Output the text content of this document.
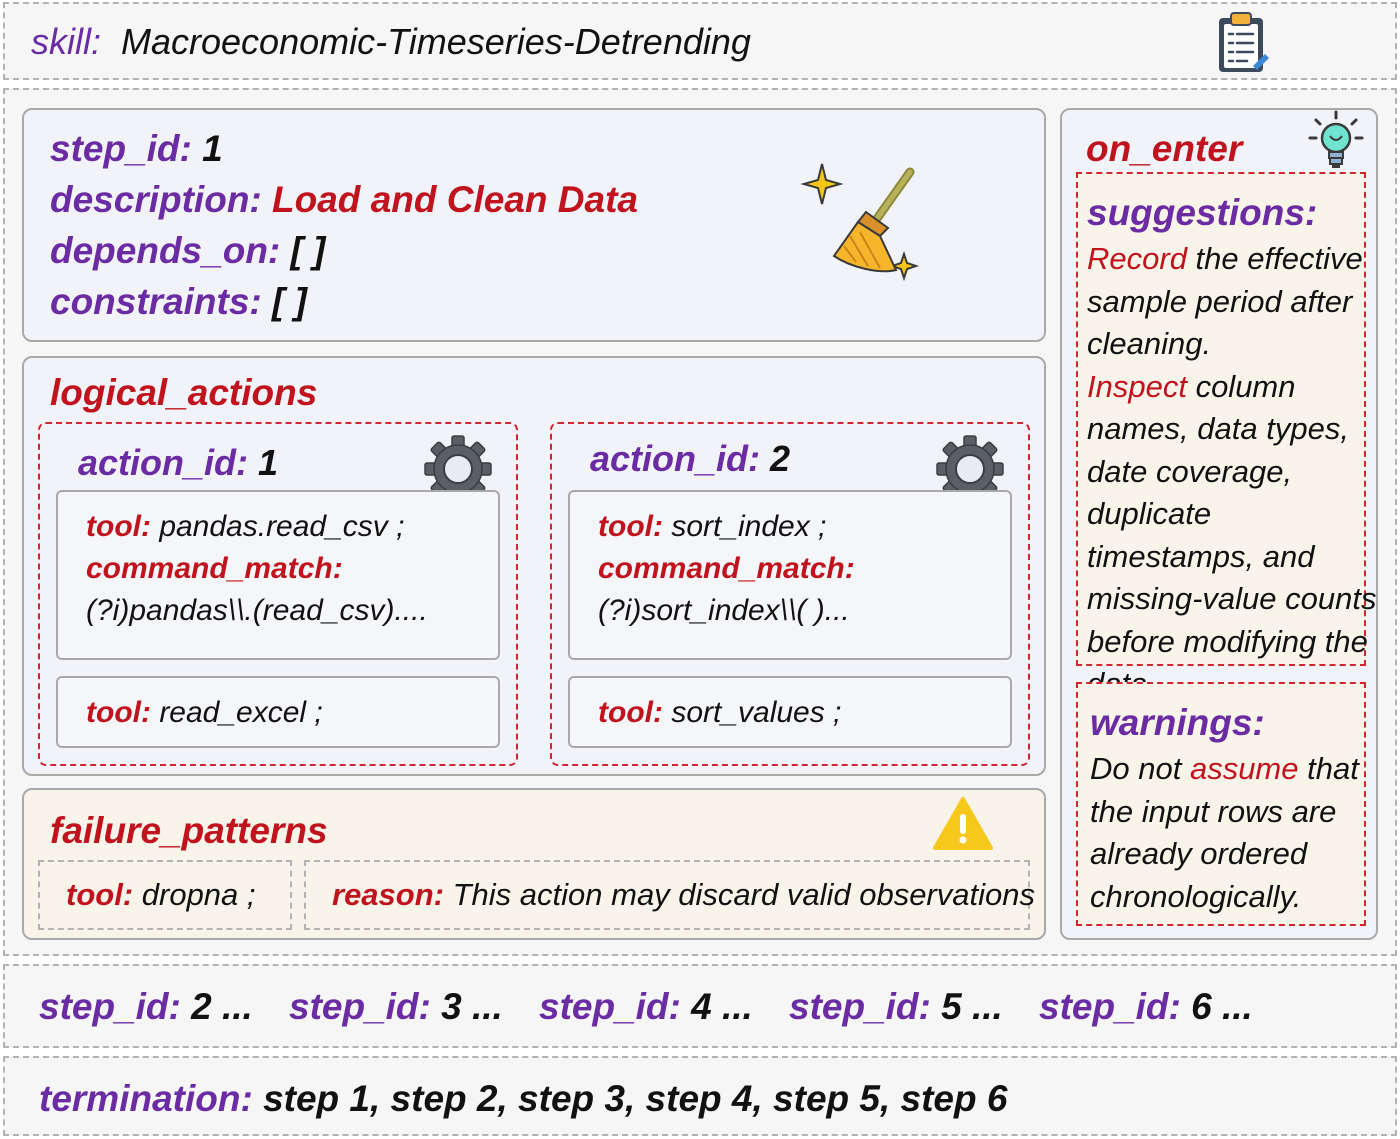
skill: Macroeconomic-Timeseries-Detrending
step_id: 1
description: Load and Clean Data
depends_on: [ ]
constraints: [ ]
logical_actions
action_id: 1
tool: pandas.read_csv ;
command_match:
(?i)pandas\\.(read_csv)....
tool: read_excel ;
action_id: 2
tool: sort_index ;
command_match:
(?i)sort_index\\( )...
tool: sort_values ;
failure_patterns
tool: dropna ; reason: This action may discard valid observations
on_enter
suggestions:
Record the effective sample period after cleaning.
Inspect column names, data types, date coverage, duplicate timestamps, and missing-value counts before modifying the
warnings:
Do not assume that the input rows are already ordered chronologically.
step_id: 2 ... step_id: 3 ... step_id: 4 ... step_id: 5 ... step_id: 6 ...
termination: step 1, step 2, step 3, step 4, step 5, step 6
